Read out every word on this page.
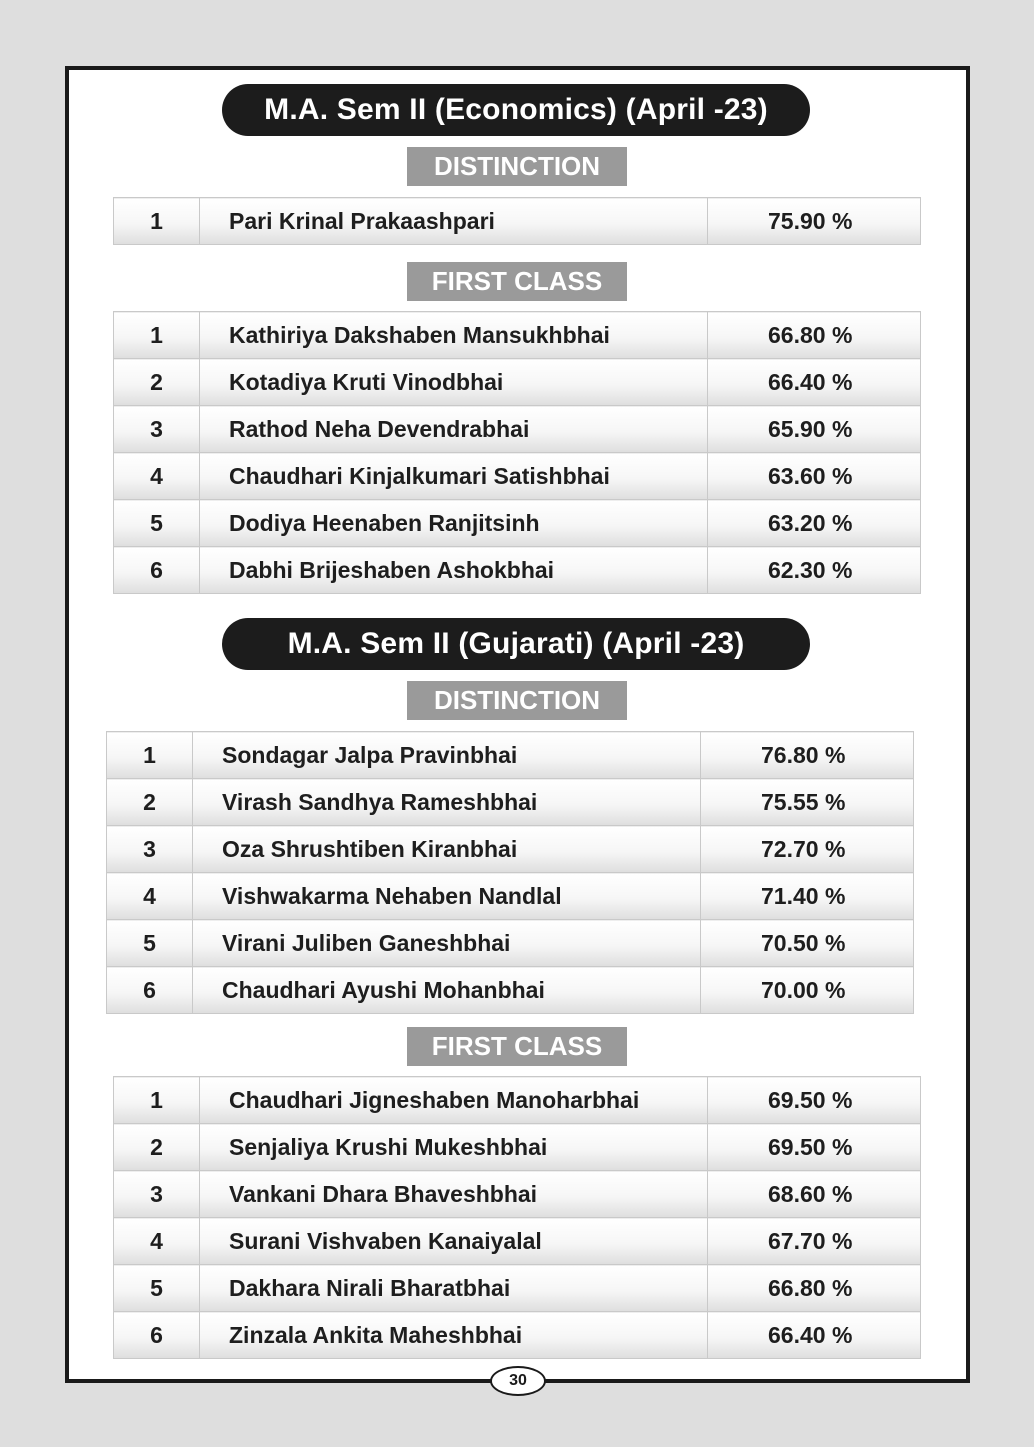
M.A. Sem II (Economics) (April -23)
DISTINCTION
1	Pari Krinal Prakaashpari	75.90 %
FIRST CLASS
1	Kathiriya Dakshaben Mansukhbhai	66.80 %
2	Kotadiya Kruti Vinodbhai	66.40 %
3	Rathod Neha Devendrabhai	65.90 %
4	Chaudhari Kinjalkumari Satishbhai	63.60 %
5	Dodiya Heenaben Ranjitsinh	63.20 %
6	Dabhi Brijeshaben Ashokbhai	62.30 %
M.A. Sem II (Gujarati) (April -23)
DISTINCTION
1	Sondagar Jalpa Pravinbhai	76.80 %
2	Virash Sandhya Rameshbhai	75.55 %
3	Oza Shrushtiben Kiranbhai	72.70 %
4	Vishwakarma Nehaben Nandlal	71.40 %
5	Virani Juliben Ganeshbhai	70.50 %
6	Chaudhari Ayushi Mohanbhai	70.00 %
FIRST CLASS
1	Chaudhari Jigneshaben Manoharbhai	69.50 %
2	Senjaliya Krushi Mukeshbhai	69.50 %
3	Vankani Dhara Bhaveshbhai	68.60 %
4	Surani Vishvaben Kanaiyalal	67.70 %
5	Dakhara Nirali Bharatbhai	66.80 %
6	Zinzala Ankita Maheshbhai	66.40 %
30
